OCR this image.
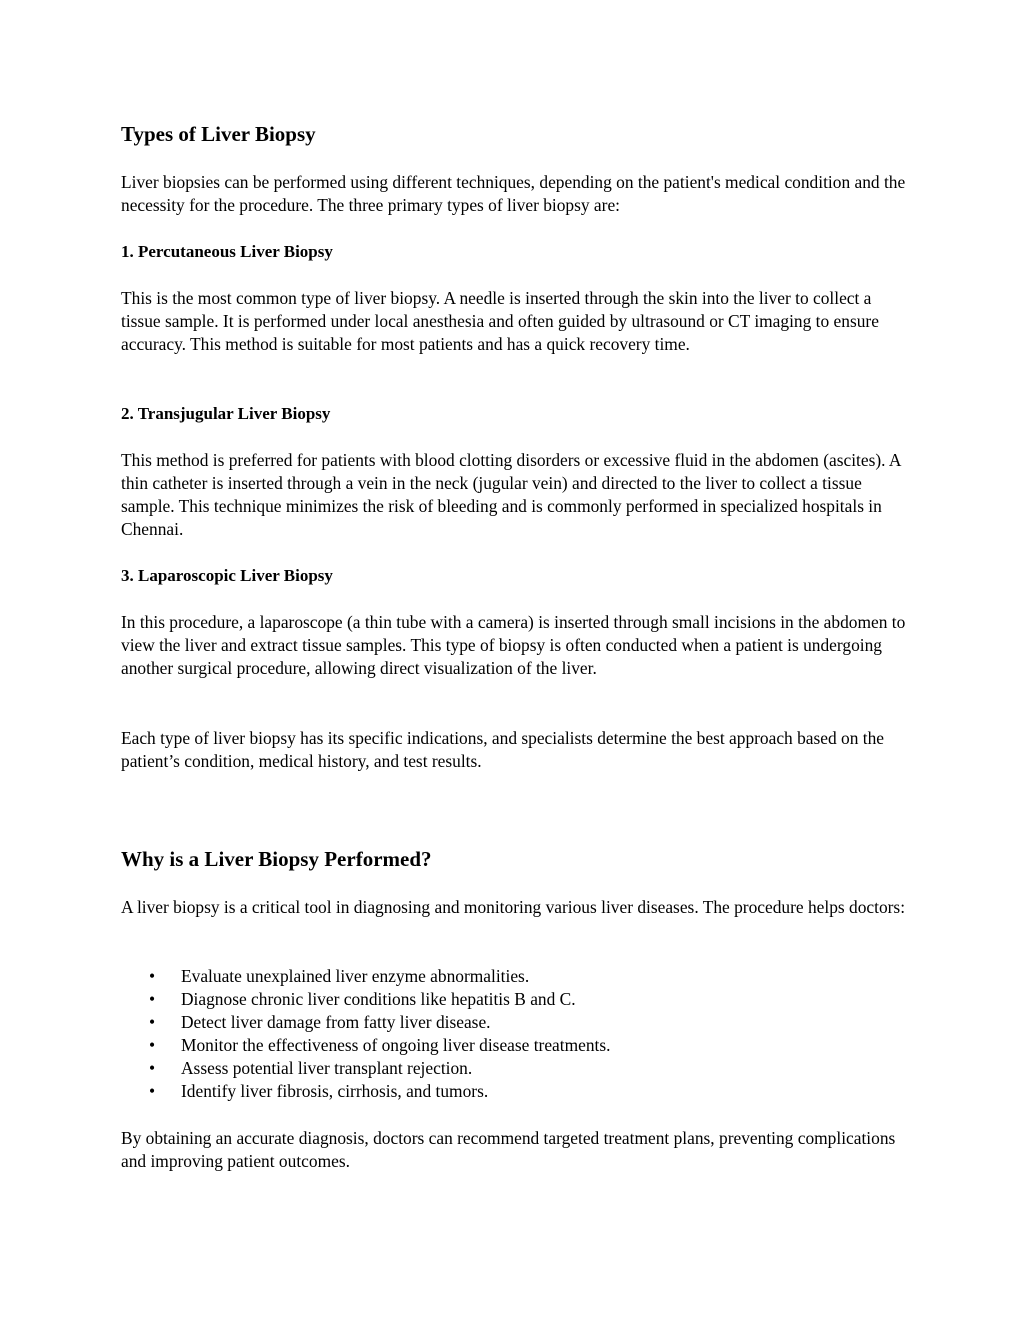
Types of Liver Biopsy

Liver biopsies can be performed using different techniques, depending on the patient's medical condition and the necessity for the procedure. The three primary types of liver biopsy are:

1. Percutaneous Liver Biopsy

This is the most common type of liver biopsy. A needle is inserted through the skin into the liver to collect a tissue sample. It is performed under local anesthesia and often guided by ultrasound or CT imaging to ensure accuracy. This method is suitable for most patients and has a quick recovery time.

2. Transjugular Liver Biopsy

This method is preferred for patients with blood clotting disorders or excessive fluid in the abdomen (ascites). A thin catheter is inserted through a vein in the neck (jugular vein) and directed to the liver to collect a tissue sample. This technique minimizes the risk of bleeding and is commonly performed in specialized hospitals in Chennai.

3. Laparoscopic Liver Biopsy

In this procedure, a laparoscope (a thin tube with a camera) is inserted through small incisions in the abdomen to view the liver and extract tissue samples. This type of biopsy is often conducted when a patient is undergoing another surgical procedure, allowing direct visualization of the liver.

Each type of liver biopsy has its specific indications, and specialists determine the best approach based on the patient’s condition, medical history, and test results.

Why is a Liver Biopsy Performed?

A liver biopsy is a critical tool in diagnosing and monitoring various liver diseases. The procedure helps doctors:

• Evaluate unexplained liver enzyme abnormalities.
• Diagnose chronic liver conditions like hepatitis B and C.
• Detect liver damage from fatty liver disease.
• Monitor the effectiveness of ongoing liver disease treatments.
• Assess potential liver transplant rejection.
• Identify liver fibrosis, cirrhosis, and tumors.

By obtaining an accurate diagnosis, doctors can recommend targeted treatment plans, preventing complications and improving patient outcomes.
